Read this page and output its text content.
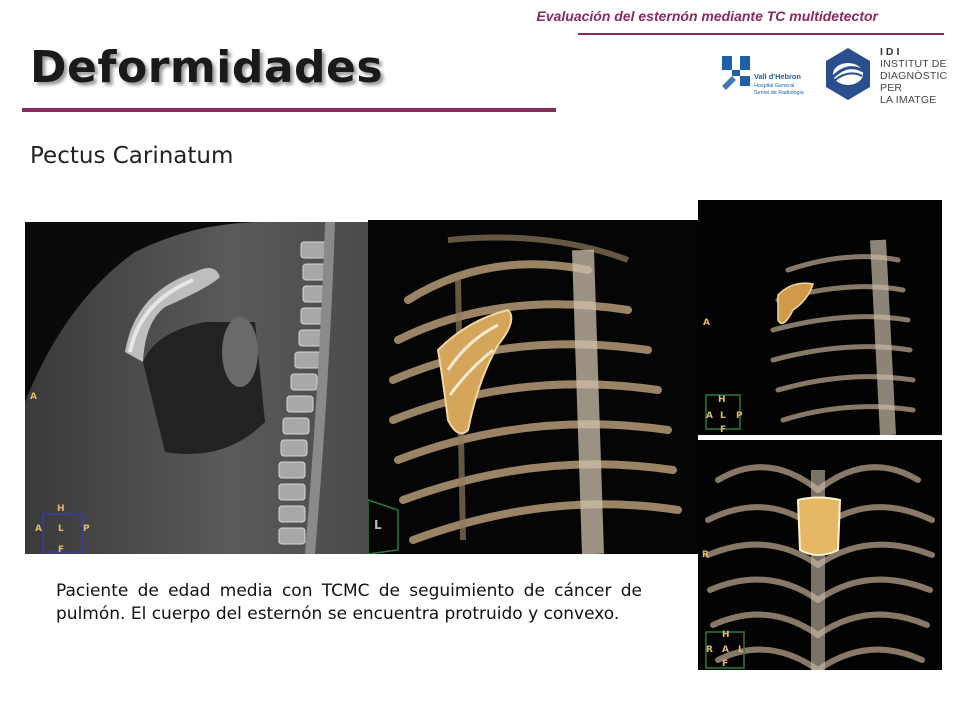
Evaluación del esternón mediante TC multidetector
Deformidades
Pectus Carinatum
Vall d'Hebron
Hospital General
Servei de Radiologia
IDI
INSTITUT DE
DIAGNÒSTIC PER
LA IMATGE
A
H
A L P
F
L
A
H
A L P
F
R
H
R A L
F
Paciente de edad media con TCMC de seguimiento de cáncer de pulmón. El cuerpo del esternón se encuentra protruido y convexo.
